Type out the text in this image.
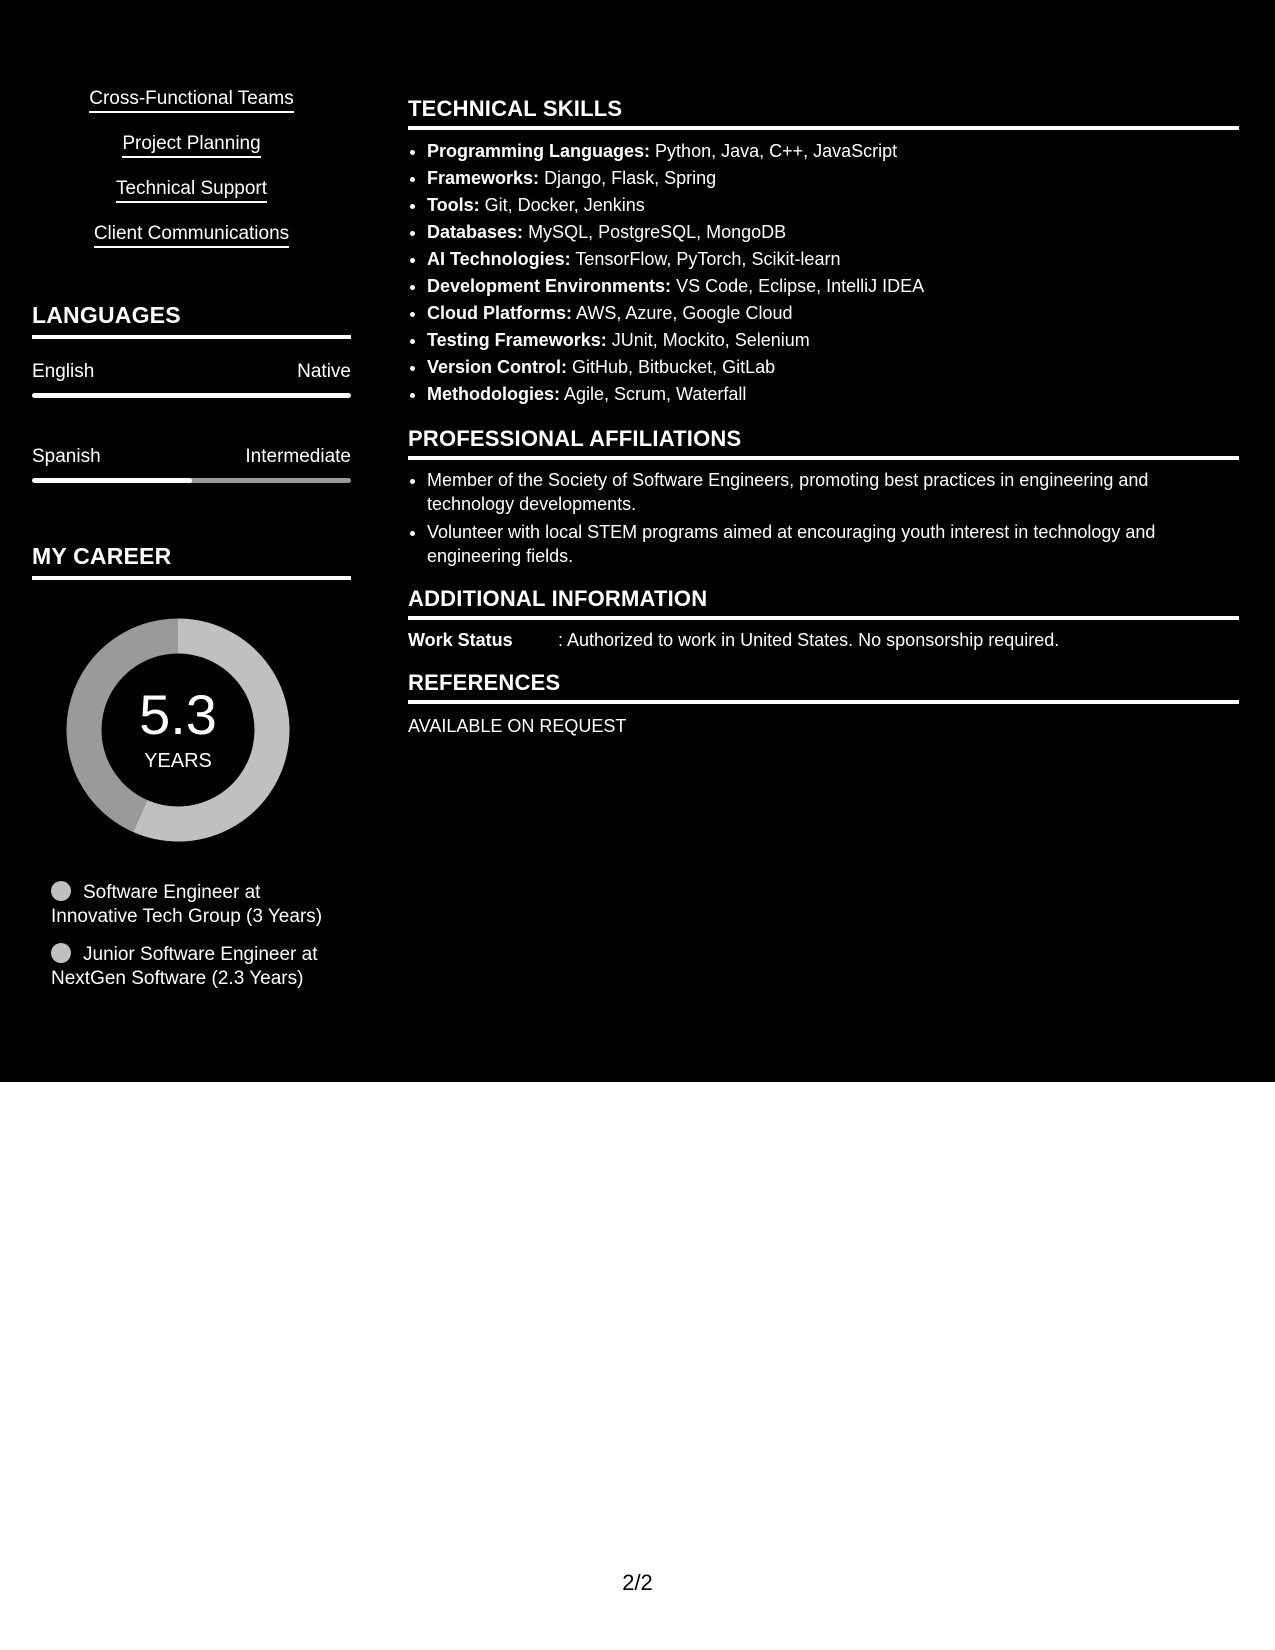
Cross-Functional Teams
Project Planning
Technical Support
Client Communications
LANGUAGES
English	Native
Spanish	Intermediate
MY CAREER
5.3
YEARS
Software Engineer at Innovative Tech Group (3 Years)
Junior Software Engineer at NextGen Software (2.3 Years)
TECHNICAL SKILLS
• Programming Languages: Python, Java, C++, JavaScript
• Frameworks: Django, Flask, Spring
• Tools: Git, Docker, Jenkins
• Databases: MySQL, PostgreSQL, MongoDB
• AI Technologies: TensorFlow, PyTorch, Scikit-learn
• Development Environments: VS Code, Eclipse, IntelliJ IDEA
• Cloud Platforms: AWS, Azure, Google Cloud
• Testing Frameworks: JUnit, Mockito, Selenium
• Version Control: GitHub, Bitbucket, GitLab
• Methodologies: Agile, Scrum, Waterfall
PROFESSIONAL AFFILIATIONS
• Member of the Society of Software Engineers, promoting best practices in engineering and technology developments.
• Volunteer with local STEM programs aimed at encouraging youth interest in technology and engineering fields.
ADDITIONAL INFORMATION
Work Status	: Authorized to work in United States. No sponsorship required.
REFERENCES
AVAILABLE ON REQUEST
2/2
